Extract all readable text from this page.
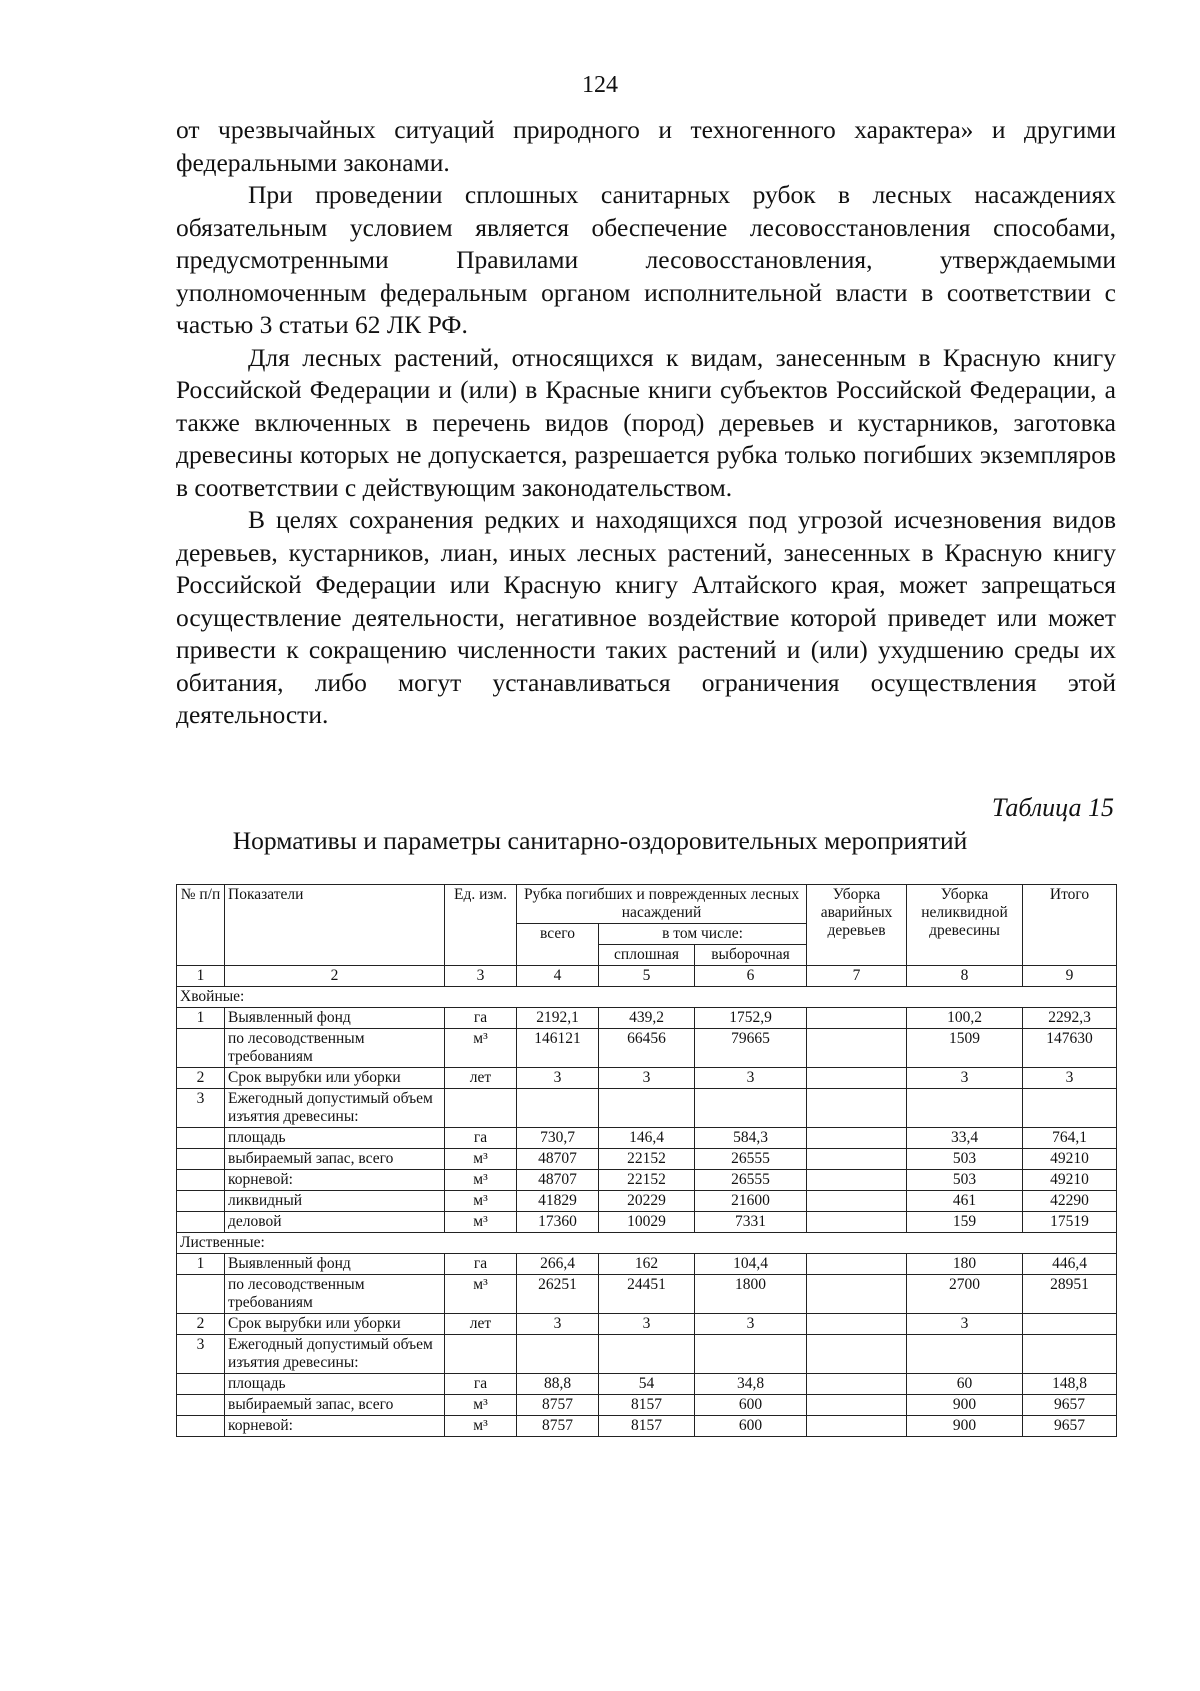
124

от чрезвычайных ситуаций природного и техногенного характера» и другими федеральными законами.

При проведении сплошных санитарных рубок в лесных насаждениях обязательным условием является обеспечение лесовосстановления способами, предусмотренными Правилами лесовосстановления, утверждаемыми уполномоченным федеральным органом исполнительной власти в соответствии с частью 3 статьи 62 ЛК РФ.

Для лесных растений, относящихся к видам, занесенным в Красную книгу Российской Федерации и (или) в Красные книги субъектов Российской Федерации, а также включенных в перечень видов (пород) деревьев и кустарников, заготовка древесины которых не допускается, разрешается рубка только погибших экземпляров в соответствии с действующим законодательством.

В целях сохранения редких и находящихся под угрозой исчезновения видов деревьев, кустарников, лиан, иных лесных растений, занесенных в Красную книгу Российской Федерации или Красную книгу Алтайского края, может запрещаться осуществление деятельности, негативное воздействие которой приведет или может привести к сокращению численности таких растений и (или) ухудшению среды их обитания, либо могут устанавливаться ограничения осуществления этой деятельности.

Таблица 15
Нормативы и параметры санитарно-оздоровительных мероприятий
№ п/п	Показатели	Ед. изм.	Рубка погибших и поврежденных лесных насаждений			Уборка аварийных деревьев	Уборка неликвидной древесины	Итого
			всего	в том числе:				
				сплошная	выборочная			
1	2	3	4	5	6	7	8	9
Хвойные:								
1	Выявленный фонд	га	2192,1	439,2	1752,9		100,2	2292,3
	по лесоводственным требованиям	м³	146121	66456	79665		1509	147630
2	Срок вырубки или уборки	лет	3	3	3		3	3
3	Ежегодный допустимый объем изъятия древесины:							
	площадь	га	730,7	146,4	584,3		33,4	764,1
	выбираемый запас, всего	м³	48707	22152	26555		503	49210
	корневой:	м³	48707	22152	26555		503	49210
	ликвидный	м³	41829	20229	21600		461	42290
	деловой	м³	17360	10029	7331		159	17519
Лиственные:								
1	Выявленный фонд	га	266,4	162	104,4		180	446,4
	по лесоводственным требованиям	м³	26251	24451	1800		2700	28951
2	Срок вырубки или уборки	лет	3	3	3		3	
3	Ежегодный допустимый объем изъятия древесины:							
	площадь	га	88,8	54	34,8		60	148,8
	выбираемый запас, всего	м³	8757	8157	600		900	9657
	корневой:	м³	8757	8157	600		900	9657
